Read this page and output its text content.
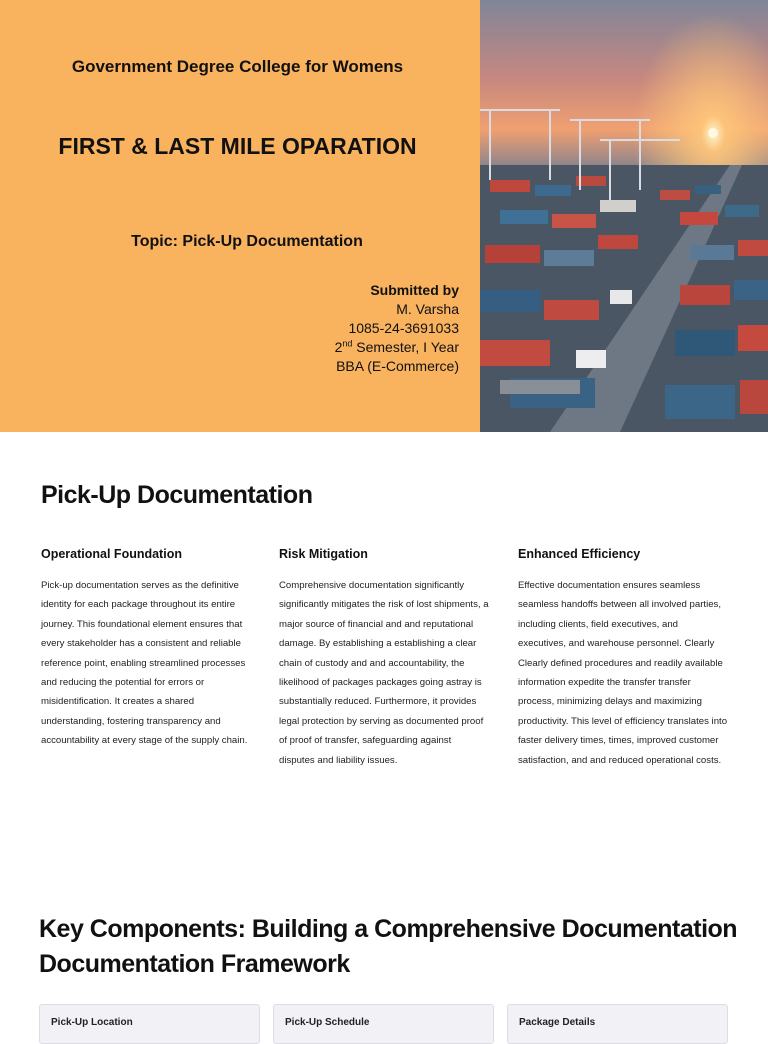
Government Degree College for Womens
FIRST & LAST MILE OPARATION
Topic: Pick-Up Documentation
Submitted by
M. Varsha
1085-24-3691033
2nd Semester, I Year
BBA (E-Commerce)
Pick-Up Documentation
Operational Foundation

Pick-up documentation serves as the definitive identity for each package throughout its entire journey. This foundational element ensures that every stakeholder has a consistent and reliable reference point, enabling streamlined processes and reducing the potential for errors or misidentification. It creates a shared understanding, fostering transparency and accountability at every stage of the supply chain.

Risk Mitigation

Comprehensive documentation significantly significantly mitigates the risk of lost shipments, a major source of financial and and reputational damage. By establishing a establishing a clear chain of custody and and accountability, the likelihood of packages packages going astray is substantially reduced. Furthermore, it provides legal protection by serving as documented proof of proof of transfer, safeguarding against disputes and liability issues.

Enhanced Efficiency

Effective documentation ensures seamless seamless handoffs between all involved parties, including clients, field executives, and executives, and warehouse personnel. Clearly Clearly defined procedures and readily available information expedite the transfer transfer process, minimizing delays and maximizing productivity. This level of efficiency translates into faster delivery times, times, improved customer satisfaction, and and reduced operational costs.

Key Components: Building a Comprehensive Documentation Documentation Framework
Pick-Up Location	Pick-Up Schedule	Package Details
